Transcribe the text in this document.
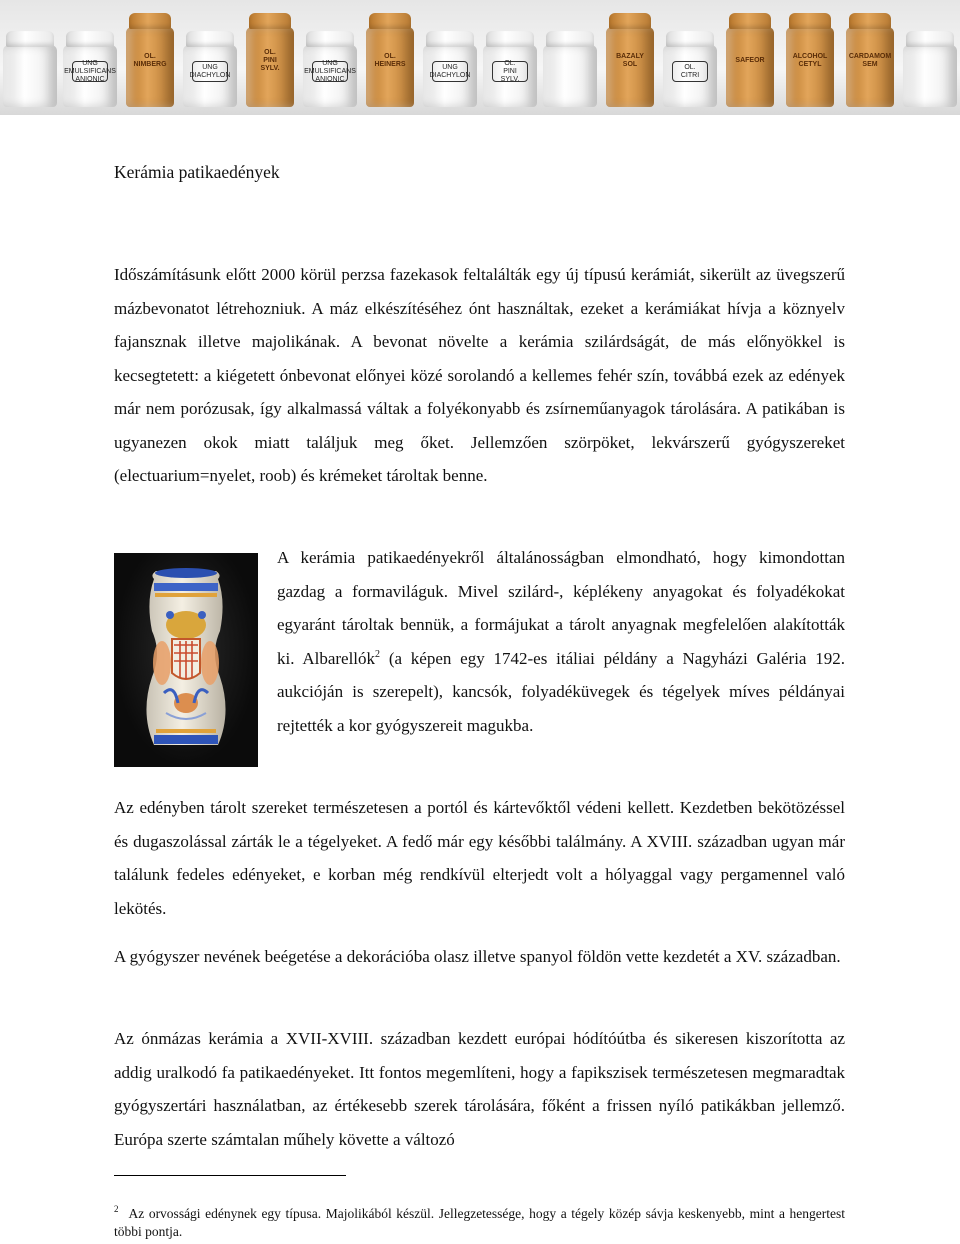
UNG
EMULSIFICANS
ANIONIC
OL.
NIMBERG	UNG
DIACHYLON
OL.
PINI SYLV.
UNG
EMULSIFICANS
ANIONIC
OL.
HEINERS	UNG
DIACHYLON
OL.
PINI SYLV.
BAZALY
SOL	OL.
CITRI
SAFEOR
ALCOHOL
CETYL
CARDAMOM
SEM
Kerámia patikaedények

Időszámításunk előtt 2000 körül perzsa fazekasok feltalálták egy új típusú kerámiát, sikerült az üvegszerű mázbevonatot létrehozniuk. A máz elkészítéséhez ónt használtak, ezeket a kerámiákat hívja a köznyelv fajansznak illetve majolikának. A bevonat növelte a kerámia szilárdságát, de más előnyökkel is kecsegtetett: a kiégetett ónbevonat előnyei közé sorolandó a kellemes fehér szín, továbbá ezek az edények már nem porózusak, így alkalmassá váltak a folyékonyabb és zsírneműanyagok tárolására. A patikában is ugyanezen okok miatt találjuk meg őket. Jellemzően szörpöket, lekvárszerű gyógyszereket (electuarium=nyelet, roob) és krémeket tároltak benne.

A kerámia patikaedényekről általánosságban elmondható, hogy kimondottan gazdag a formaviláguk. Mivel szilárd-, képlékeny anyagokat és folyadékokat egyaránt tároltak bennük, a formájukat a tárolt anyagnak megfelelően alakították ki. Albarellók$^2$ (a képen egy 1742-es itáliai példány a Nagyházi Galéria 192. aukcióján is szerepelt), kancsók, folyadéküvegek és tégelyek míves példányai rejtették a kor gyógyszereit magukba.

Az edényben tárolt szereket természetesen a portól és kártevőktől védeni kellett. Kezdetben bekötözéssel és dugaszolással zárták le a tégelyeket. A fedő már egy későbbi találmány. A XVIII. században ugyan már találunk fedeles edényeket, e korban még rendkívül elterjedt volt a hólyaggal vagy pergamennel való lekötés.

A gyógyszer nevének beégetése a dekorációba olasz illetve spanyol földön vette kezdetét a XV. században.

Az ónmázas kerámia a XVII-XVIII. században kezdett európai hódítóútba és sikeresen kiszorította az addig uralkodó fa patikaedényeket. Itt fontos megemlíteni, hogy a fapikszisek természetesen megmaradtak gyógyszertári használatban, az értékesebb szerek tárolására, főként a frissen nyíló patikákban jellemző. Európa szerte számtalan műhely követte a változó

$^2$ Az orvossági edénynek egy típusa. Majolikából készül. Jellegzetessége, hogy a tégely közép sávja keskenyebb, mint a hengertest többi pontja.
